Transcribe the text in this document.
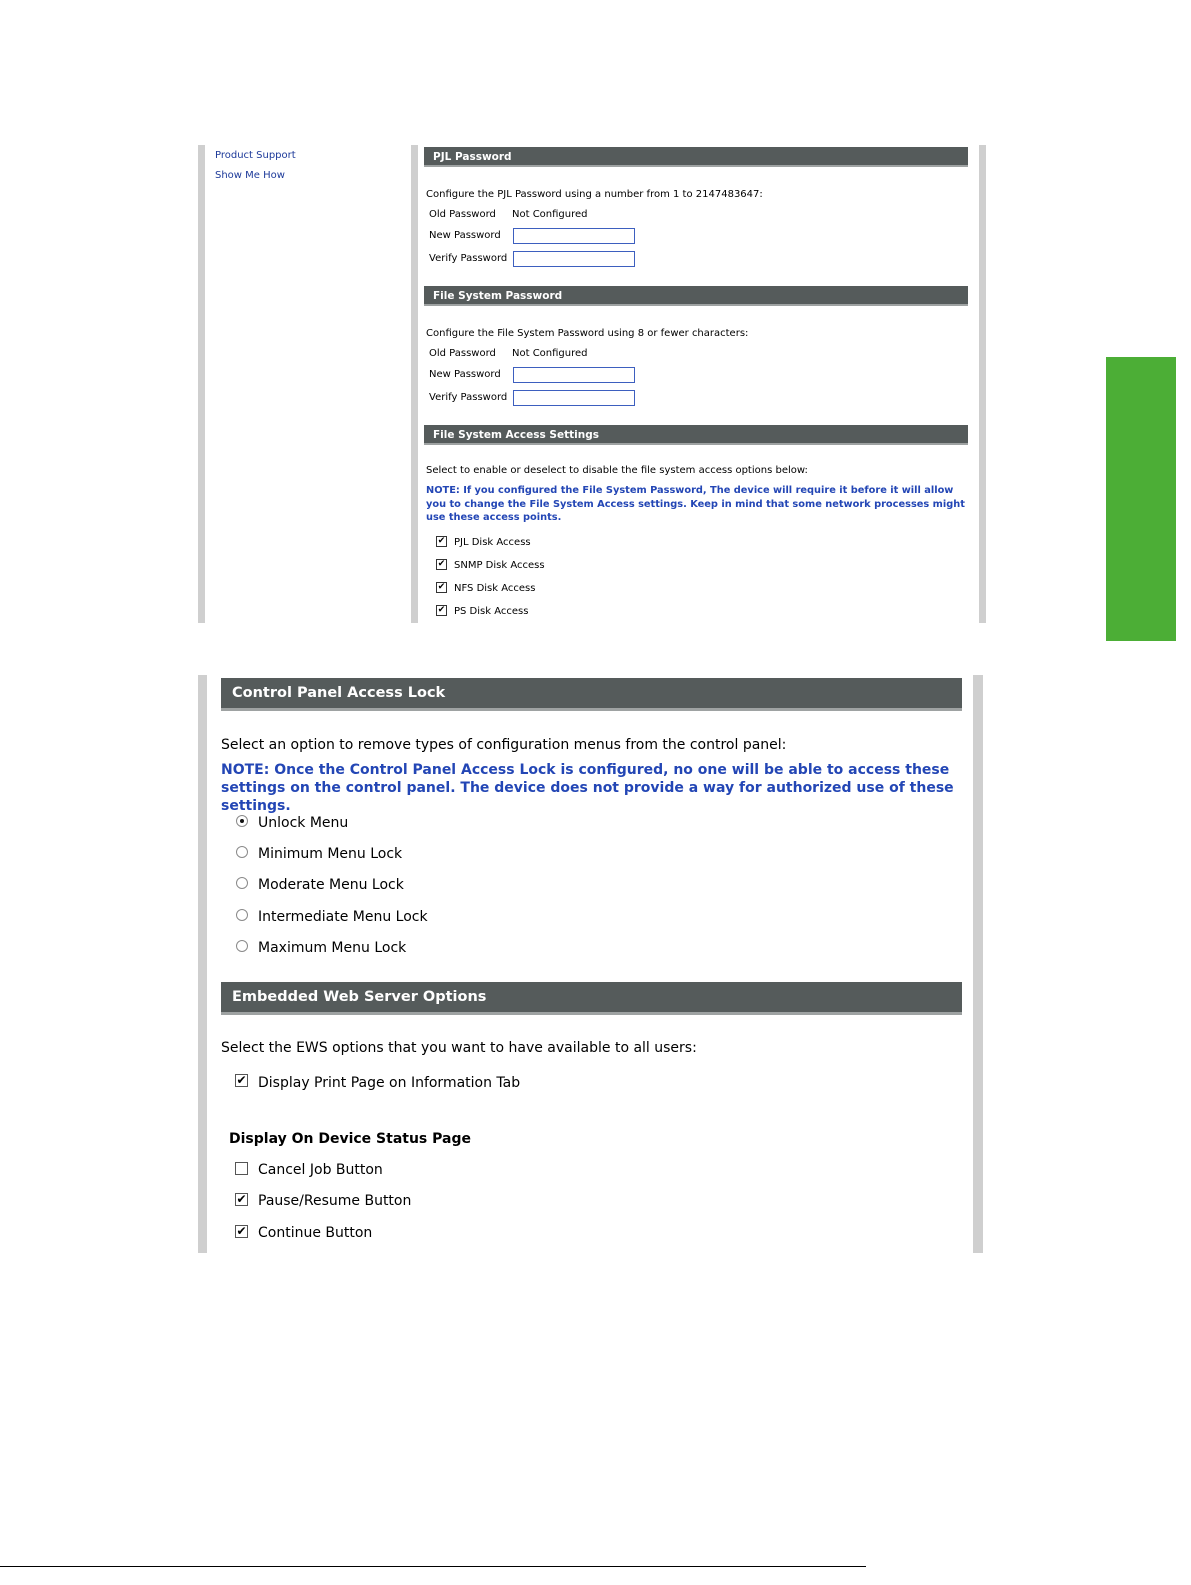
Product Support
Show Me How
PJL Password
Configure the PJL Password using a number from 1 to 2147483647:
Old Password Not Configured
New Password
Verify Password
File System Password
Configure the File System Password using 8 or fewer characters:
Old Password Not Configured
New Password
Verify Password
File System Access Settings
Select to enable or deselect to disable the file system access options below:
NOTE: If you configured the File System Password, The device will require it before it will allow you to change the File System Access settings. Keep in mind that some network processes might use these access points.
✔ PJL Disk Access
✔ SNMP Disk Access
✔ NFS Disk Access
✔ PS Disk Access
Control Panel Access Lock
Select an option to remove types of configuration menus from the control panel:
NOTE: Once the Control Panel Access Lock is configured, no one will be able to access these settings on the control panel. The device does not provide a way for authorized use of these settings.
Unlock Menu
Minimum Menu Lock
Moderate Menu Lock
Intermediate Menu Lock
Maximum Menu Lock
Embedded Web Server Options
Select the EWS options that you want to have available to all users:
✔ Display Print Page on Information Tab
Display On Device Status Page
Cancel Job Button
✔ Pause/Resume Button
✔ Continue Button
